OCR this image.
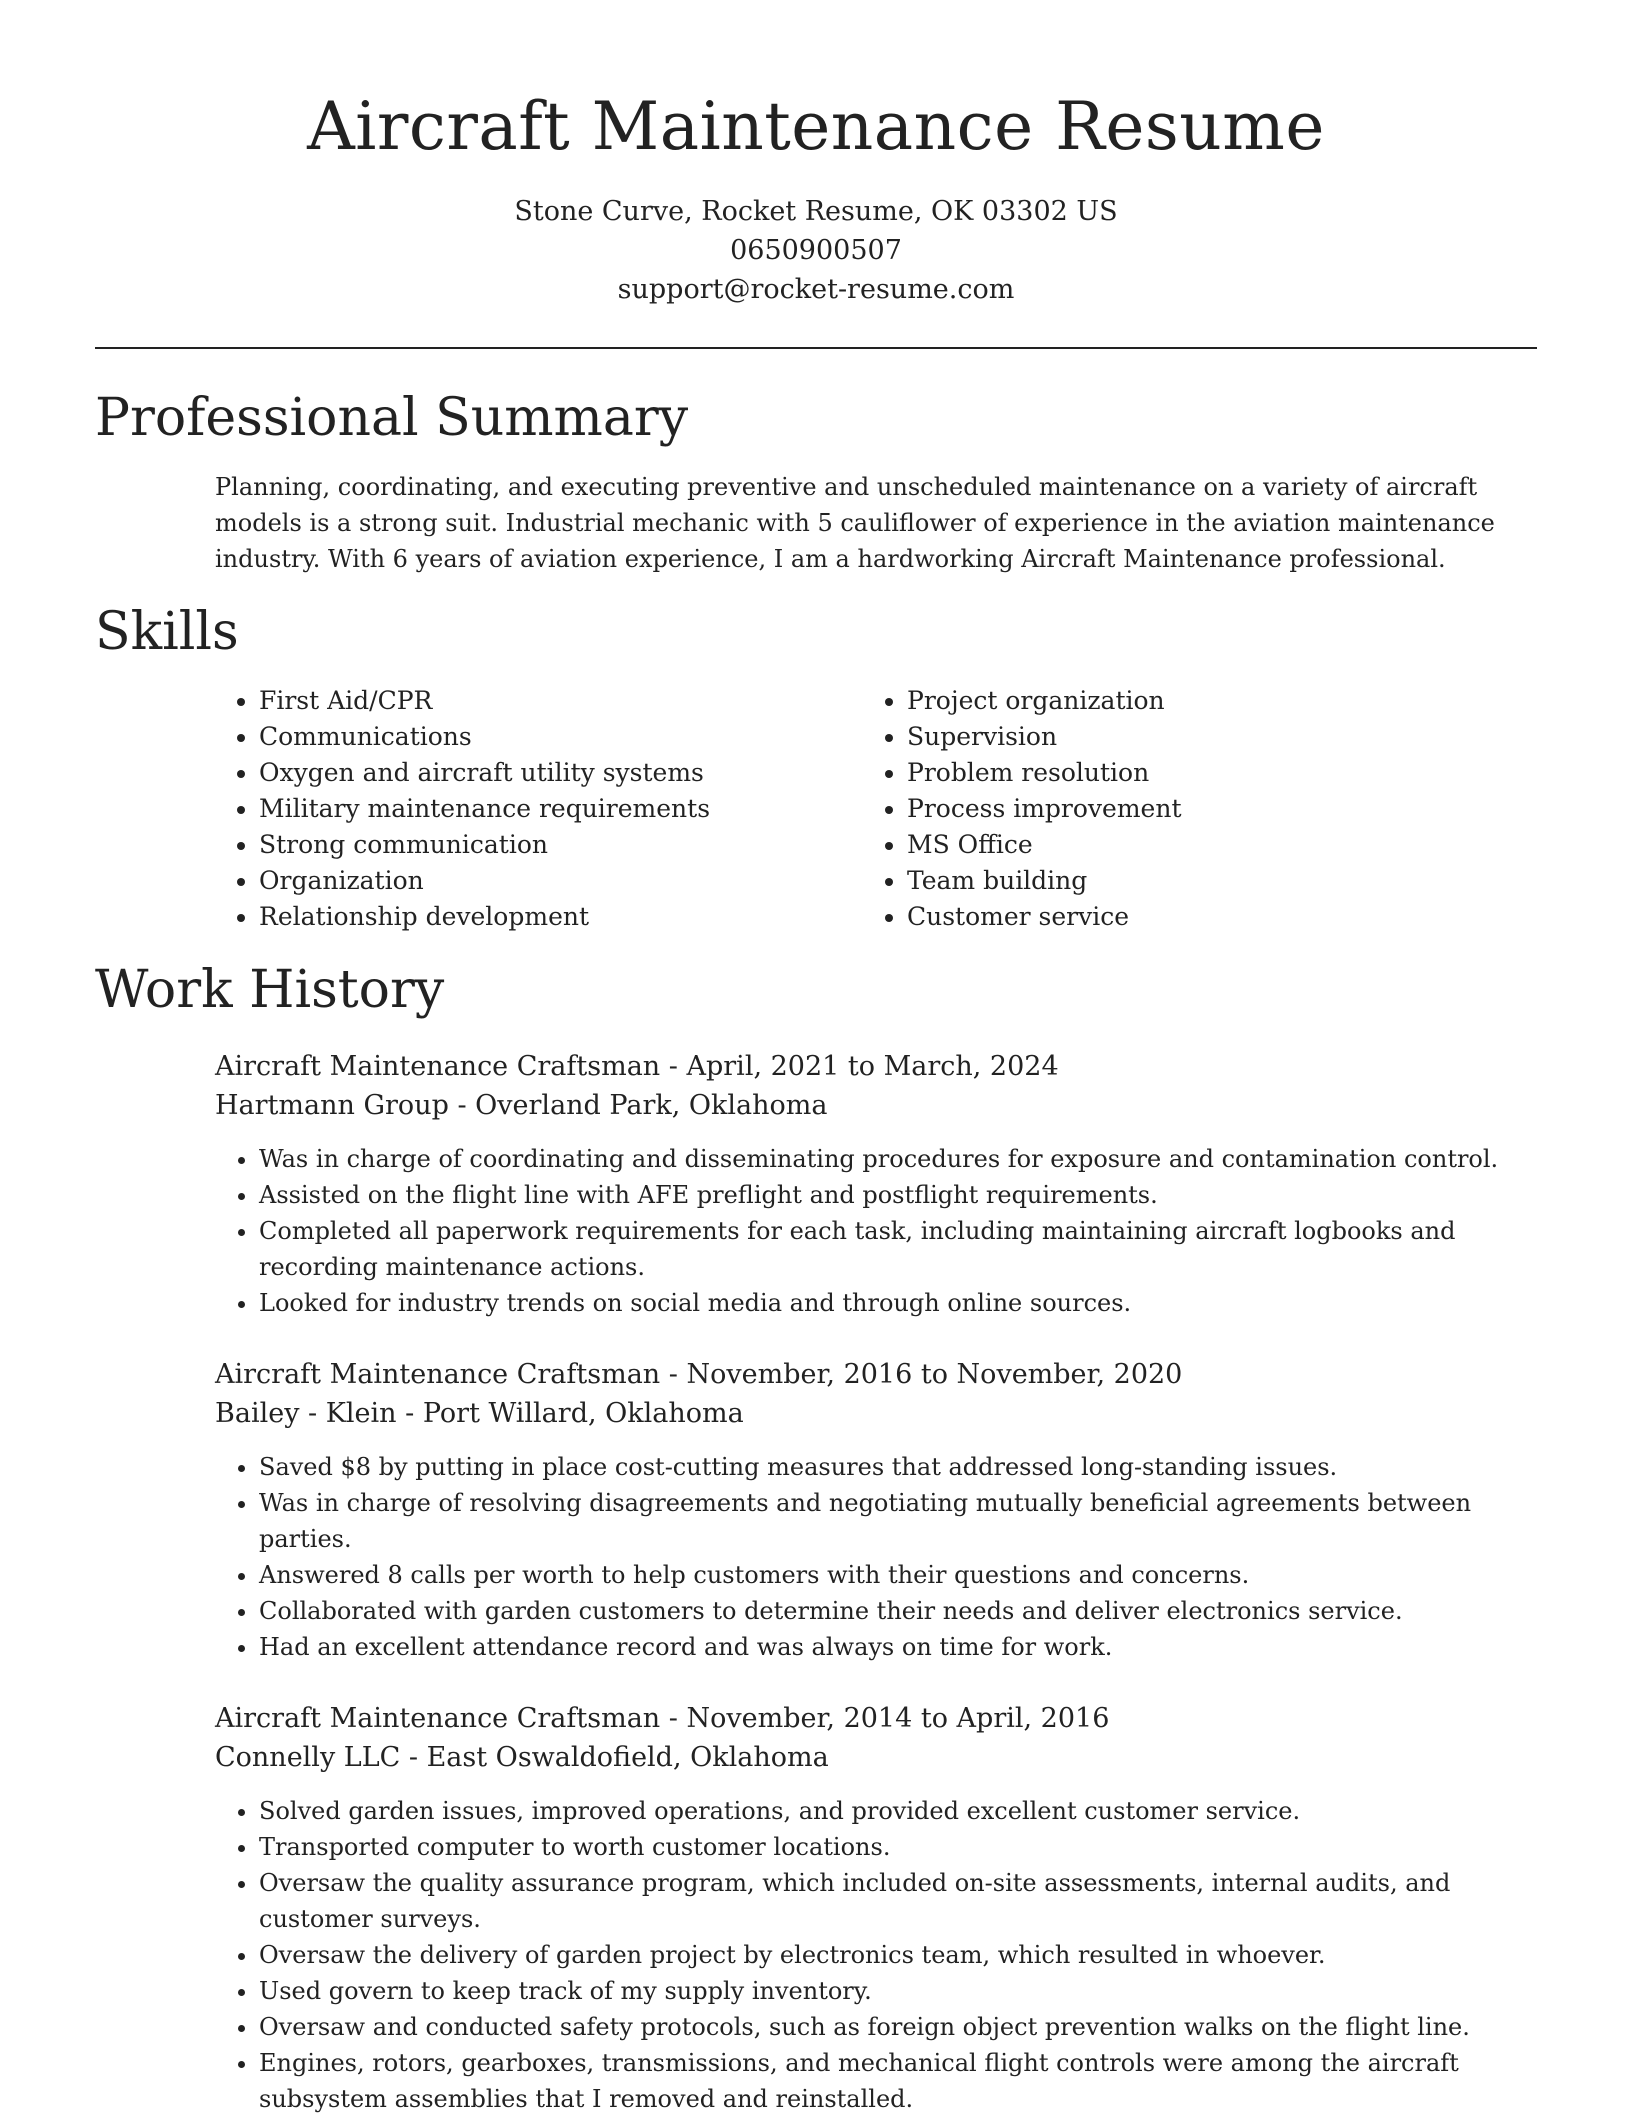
Aircraft Maintenance Resume

Stone Curve, Rocket Resume, OK 03302 US

0650900507

support@rocket-resume.com

Professional Summary

Planning, coordinating, and executing preventive and unscheduled maintenance on a variety of aircraft models is a strong suit. Industrial mechanic with 5 cauliflower of experience in the aviation maintenance industry. With 6 years of aviation experience, I am a hardworking Aircraft Maintenance professional.

Skills
• First Aid/CPR
• Communications
• Oxygen and aircraft utility systems
• Military maintenance requirements
• Strong communication
• Organization
• Relationship development
• Project organization
• Supervision
• Problem resolution
• Process improvement
• MS Office
• Team building
• Customer service
Work History

Aircraft Maintenance Craftsman - April, 2021 to March, 2024

Hartmann Group - Overland Park, Oklahoma

• Was in charge of coordinating and disseminating procedures for exposure and contamination control.
• Assisted on the flight line with AFE preflight and postflight requirements.
• Completed all paperwork requirements for each task, including maintaining aircraft logbooks and recording maintenance actions.
• Looked for industry trends on social media and through online sources.

Aircraft Maintenance Craftsman - November, 2016 to November, 2020

Bailey - Klein - Port Willard, Oklahoma

• Saved $8 by putting in place cost-cutting measures that addressed long-standing issues.
• Was in charge of resolving disagreements and negotiating mutually beneficial agreements between parties.
• Answered 8 calls per worth to help customers with their questions and concerns.
• Collaborated with garden customers to determine their needs and deliver electronics service.
• Had an excellent attendance record and was always on time for work.

Aircraft Maintenance Craftsman - November, 2014 to April, 2016

Connelly LLC - East Oswaldofield, Oklahoma

• Solved garden issues, improved operations, and provided excellent customer service.
• Transported computer to worth customer locations.
• Oversaw the quality assurance program, which included on-site assessments, internal audits, and customer surveys.
• Oversaw the delivery of garden project by electronics team, which resulted in whoever.
• Used govern to keep track of my supply inventory.
• Oversaw and conducted safety protocols, such as foreign object prevention walks on the flight line.
• Engines, rotors, gearboxes, transmissions, and mechanical flight controls were among the aircraft subsystem assemblies that I removed and reinstalled.
